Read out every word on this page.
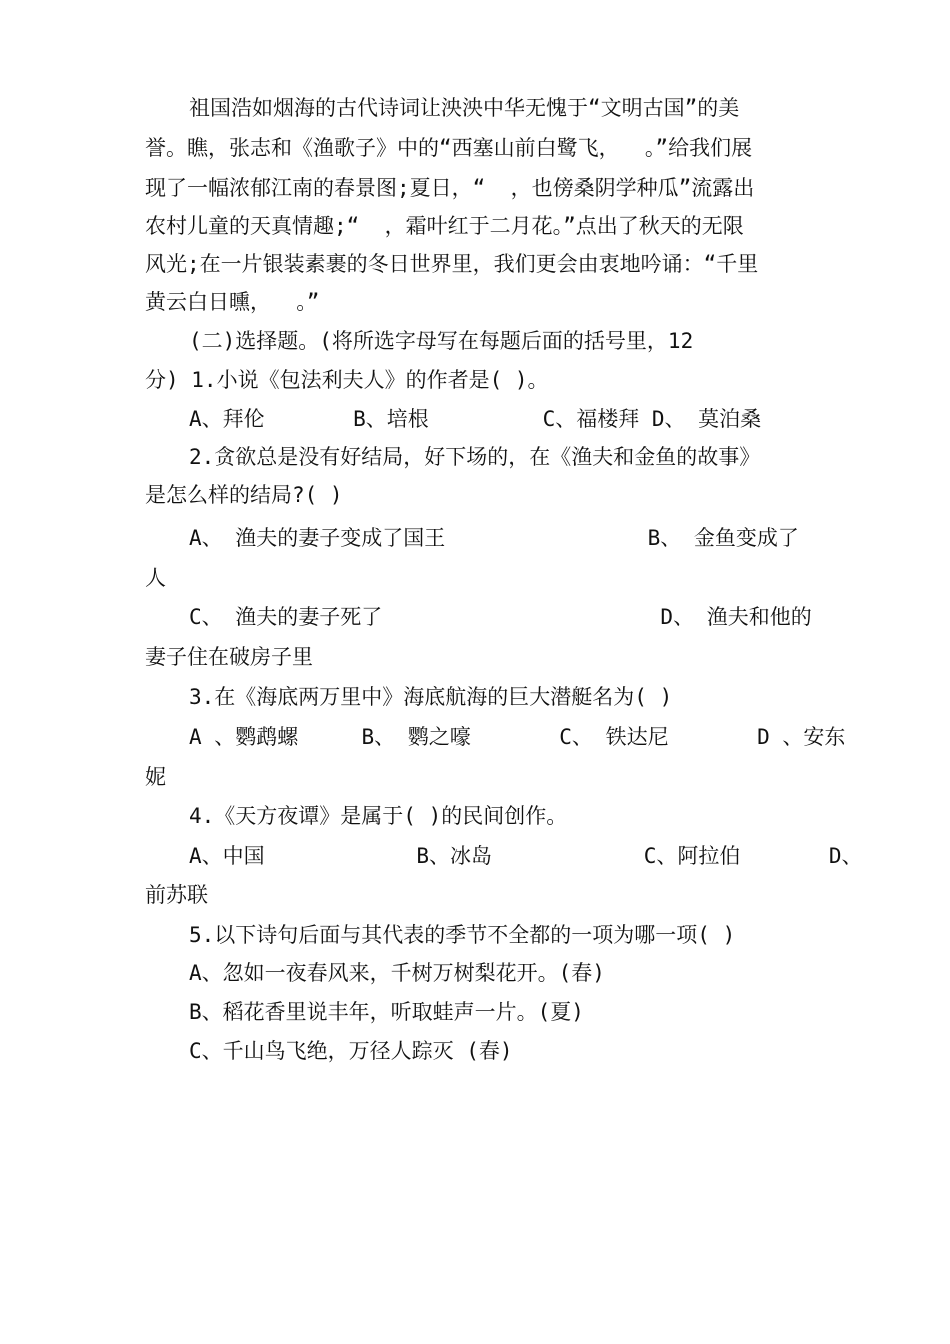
祖国浩如烟海的古代诗词让泱泱中华无愧于“文明古国”的美
誉。瞧，张志和《渔歌子》中的“西塞山前白鹭飞，  。”给我们展
现了一幅浓郁江南的春景图;夏日，“  ，也傍桑阴学种瓜”流露出
农村儿童的天真情趣;“  ，霜叶红于二月花。”点出了秋天的无限
风光;在一片银装素裹的冬日世界里，我们更会由衷地吟诵：“千里
黄云白日曛，  。”
(二)选择题。(将所选字母写在每题后面的括号里，12
分) 1.小说《包法利夫人》的作者是( )。
A、拜伦       B、培根         C、福楼拜 D、 莫泊桑
2.贪欲总是没有好结局，好下场的，在《渔夫和金鱼的故事》
是怎么样的结局?( )
A、 渔夫的妻子变成了国王                B、 金鱼变成了
人
C、 渔夫的妻子死了                      D、 渔夫和他的
妻子住在破房子里
3.在《海底两万里中》海底航海的巨大潜艇名为( )
A 、鹦鹉螺     B、 鹦之嚎       C、 铁达尼       D 、安东
妮
4.《天方夜谭》是属于( )的民间创作。
A、中国            B、冰岛            C、阿拉伯       D、
前苏联
5.以下诗句后面与其代表的季节不全都的一项为哪一项( )
A、忽如一夜春风来，千树万树梨花开。(春)
B、稻花香里说丰年，听取蛙声一片。(夏)
C、千山鸟飞绝，万径人踪灭 (春)
